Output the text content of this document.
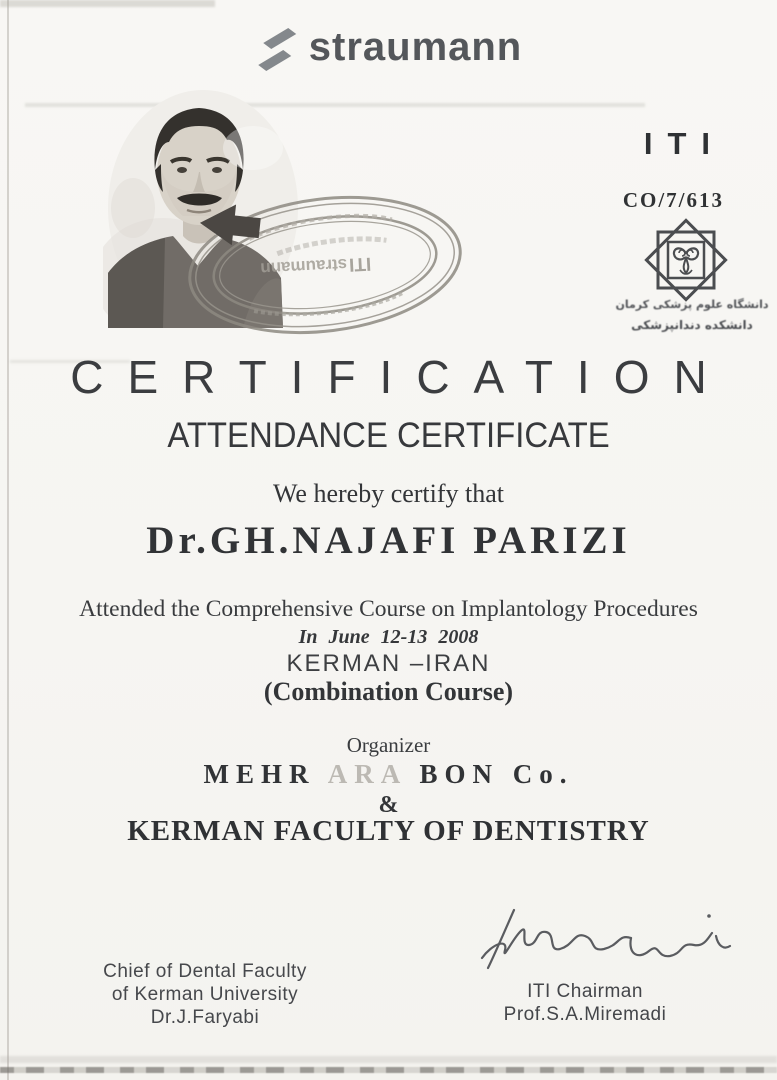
straumann
ITI
straumann
ITI
CO/7/613
دانشگاه علوم پزشکی کرمان
دانشکده دندانپزشکی
CERTIFICATION
ATTENDANCE CERTIFICATE
We hereby certify that
Dr.GH.NAJAFI PARIZI
Attended the Comprehensive Course on Implantology Procedures
In June 12-13 2008
KERMAN –IRAN
(Combination Course)
Organizer
MEHR ARA BON Co.
&
KERMAN FACULTY OF DENTISTRY
Chief of Dental Faculty
of Kerman University
Dr.J.Faryabi
ITI Chairman
Prof.S.A.Miremadi
